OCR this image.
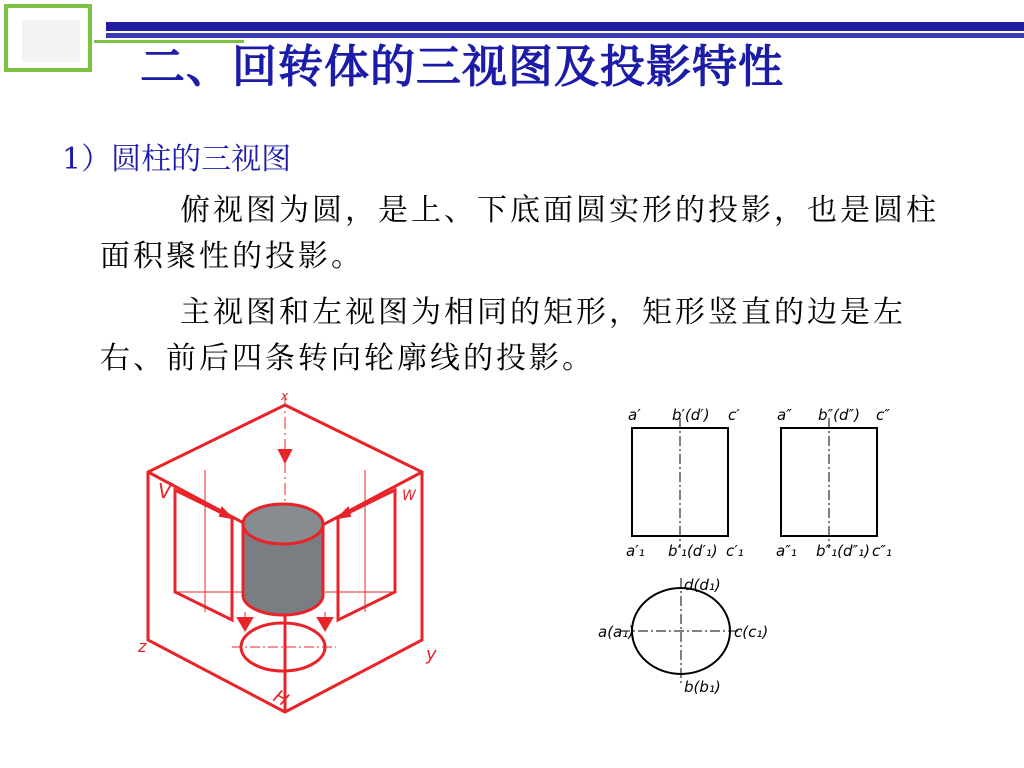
二、回转体的三视图及投影特性
1）圆柱的三视图
俯视图为圆，是上、下底面圆实形的投影，也是圆柱面积聚性的投影。
主视图和左视图为相同的矩形，矩形竖直的边是左右、前后四条转向轮廓线的投影。
x
V	W
z	y
H
a′ b′(d′) c′
a′₁ b′₁(d′₁) c′₁
a″ b″(d″) c″
a″₁ b″₁(d″₁) c″₁
d(d₁)
a(a₁)	c(c₁)
b(b₁)
